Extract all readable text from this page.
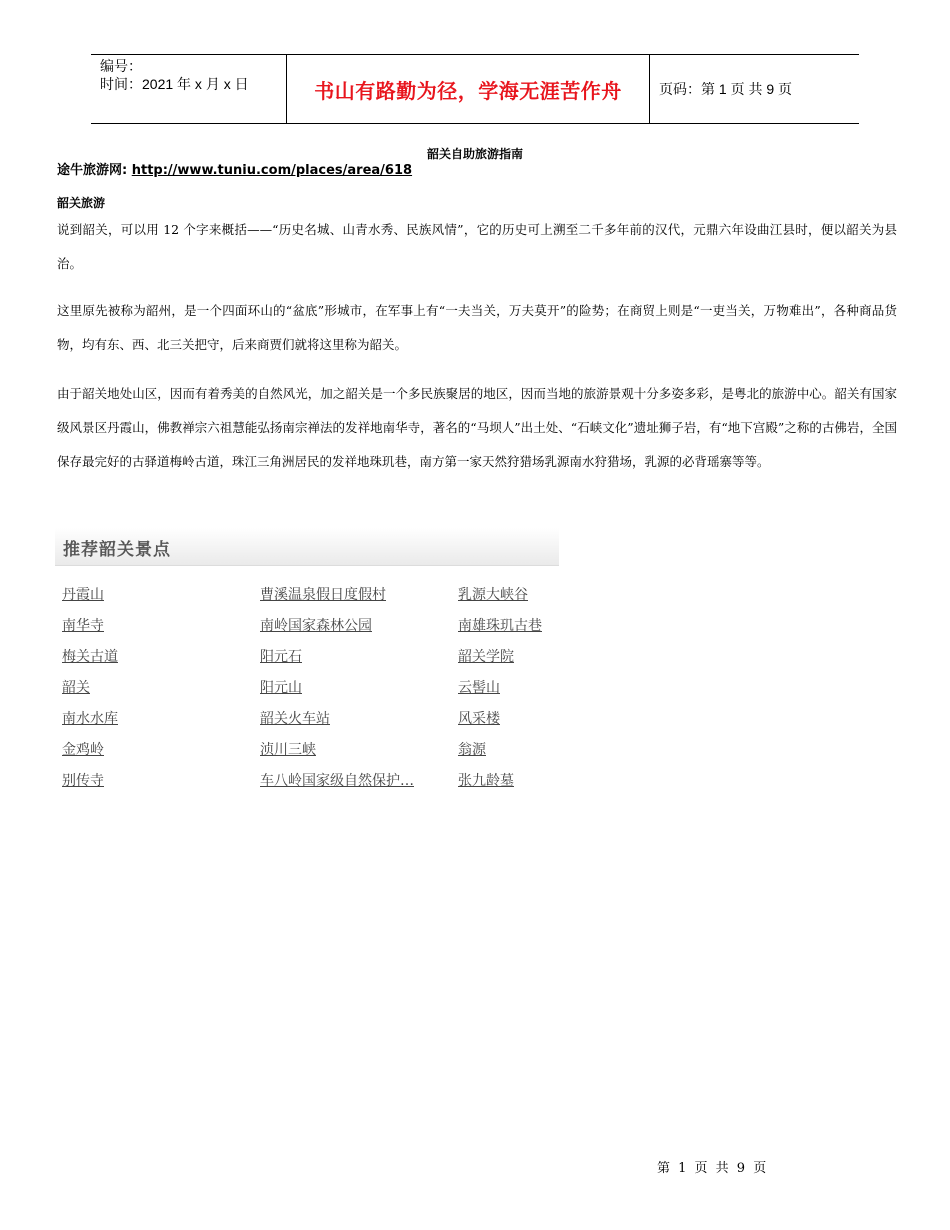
编号：
时间：2021 年 x 月 x 日	书山有路勤为径，学海无涯苦作舟	页码：第 1 页 共 9 页
韶关自助旅游指南
途牛旅游网: http://www.tuniu.com/places/area/618
韶关旅游
说到韶关，可以用 12 个字来概括——“历史名城、山青水秀、民族风情”，它的历史可上溯至二千多年前的汉代，元鼎六年设曲江县时，便以韶关为县治。
这里原先被称为韶州，是一个四面环山的“盆底”形城市，在军事上有“一夫当关，万夫莫开”的险势；在商贸上则是“一吏当关，万物难出”，各种商品货物，均有东、西、北三关把守，后来商贾们就将这里称为韶关。
由于韶关地处山区，因而有着秀美的自然风光，加之韶关是一个多民族聚居的地区，因而当地的旅游景观十分多姿多彩，是粤北的旅游中心。韶关有国家级风景区丹霞山，佛教禅宗六祖慧能弘扬南宗禅法的发祥地南华寺，著名的“马坝人”出土处、“石峡文化”遗址狮子岩，有“地下宫殿”之称的古佛岩，全国保存最完好的古驿道梅岭古道，珠江三角洲居民的发祥地珠玑巷，南方第一家天然狩猎场乳源南水狩猎场，乳源的必背瑶寨等等。
推荐韶关景点
丹霞山	曹溪温泉假日度假村	乳源大峡谷
南华寺	南岭国家森林公园	南雄珠玑古巷
梅关古道	阳元石	韶关学院
韶关	阳元山	云髻山
南水水库	韶关火车站	风采楼
金鸡岭	浈川三峡	翁源
别传寺	车八岭国家级自然保护…	张九龄墓
第 1 页 共 9 页
